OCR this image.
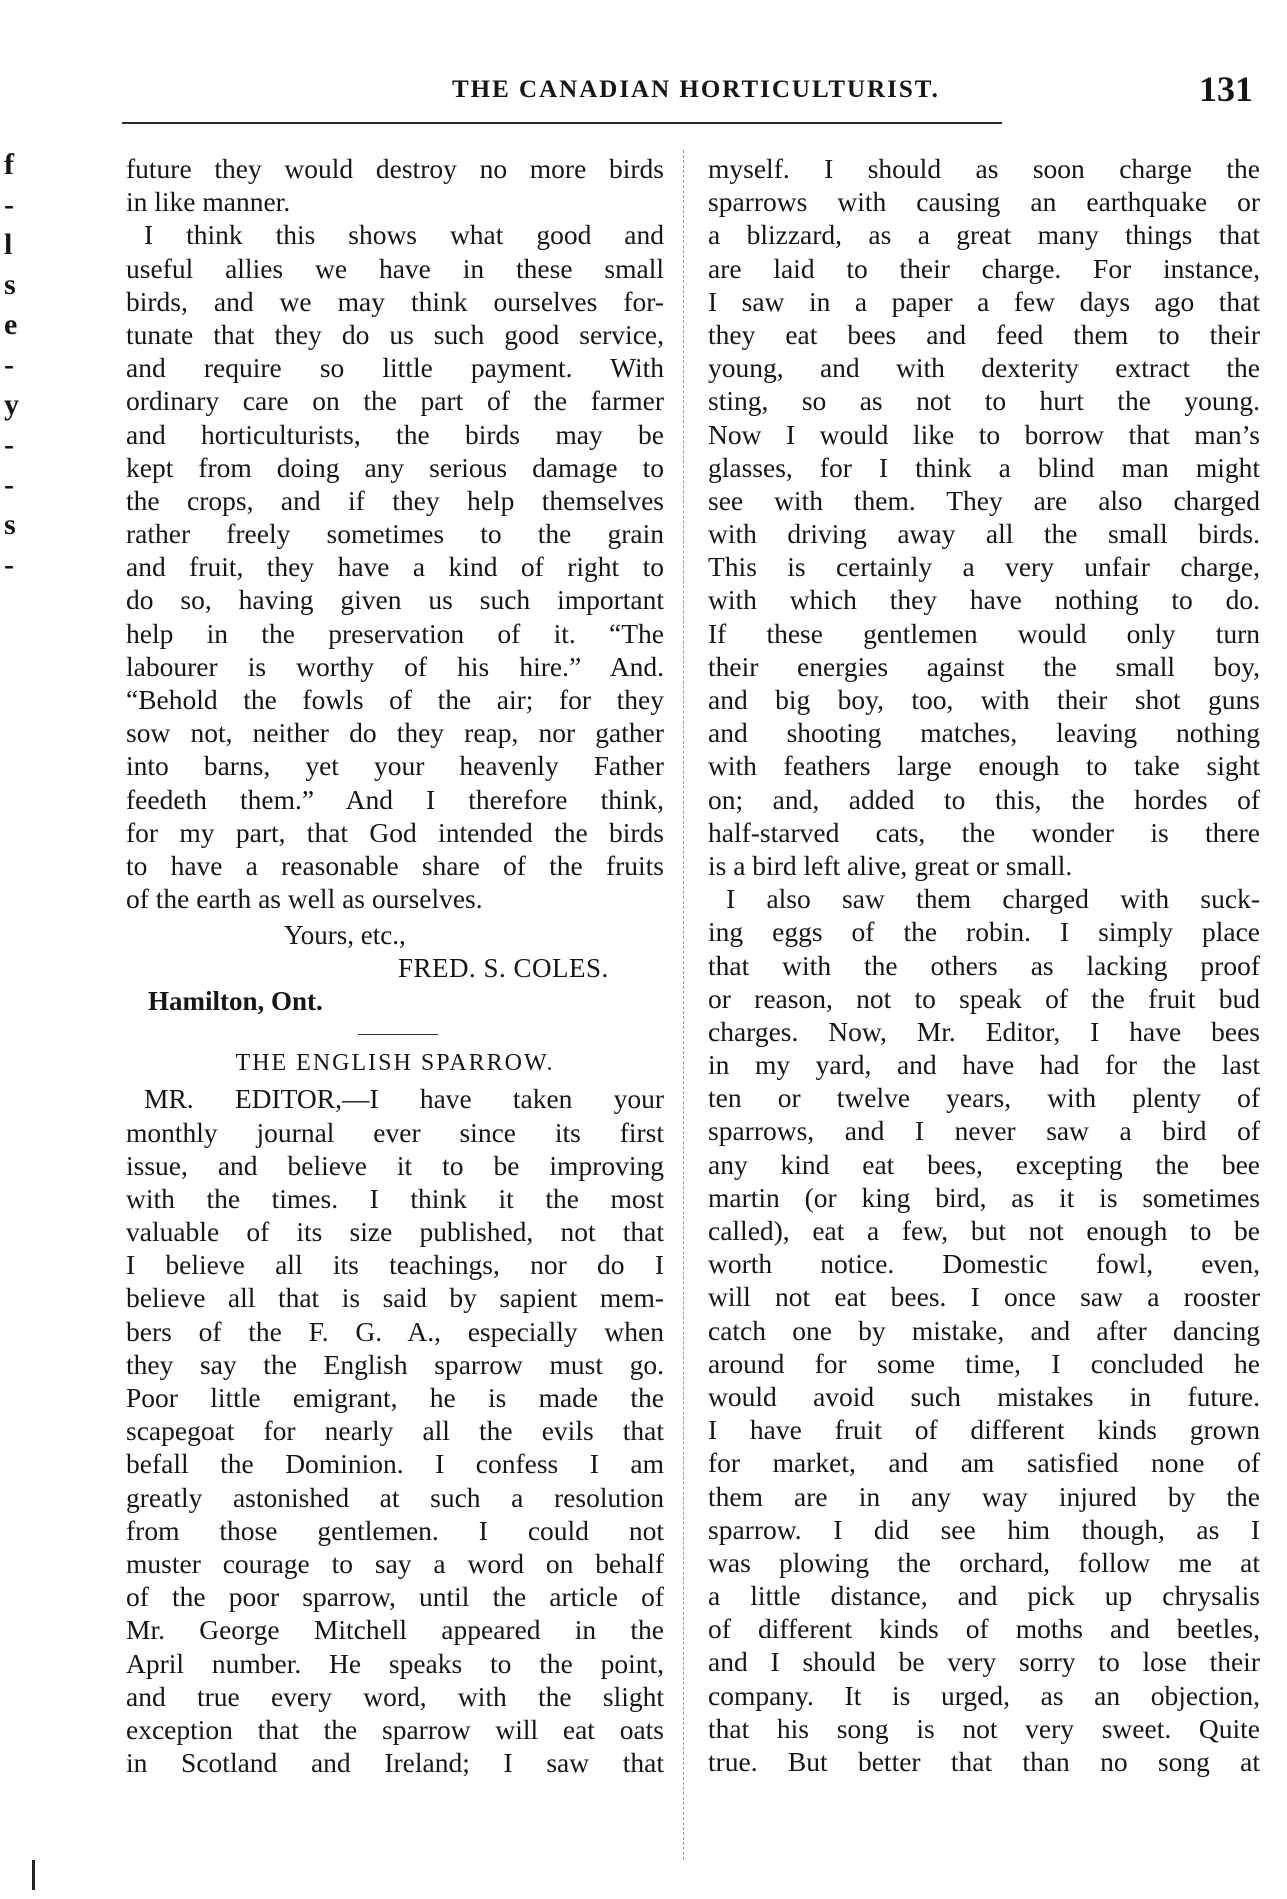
f
-
l
s
e
-
y
-
-
s
-
THE CANADIAN HORTICULTURIST.	131
future they would destroy no more birds
in like manner.
I think this shows what good and
useful allies we have in these small
birds, and we may think ourselves for-
tunate that they do us such good service,
and require so little payment. With
ordinary care on the part of the farmer
and horticulturists, the birds may be
kept from doing any serious damage to
the crops, and if they help themselves
rather freely sometimes to the grain
and fruit, they have a kind of right to
do so, having given us such important
help in the preservation of it. “The
labourer is worthy of his hire.” And.
“Behold the fowls of the air; for they
sow not, neither do they reap, nor gather
into barns, yet your heavenly Father
feedeth them.” And I therefore think,
for my part, that God intended the birds
to have a reasonable share of the fruits
of the earth as well as ourselves.
Yours, etc.,
FRED. S. COLES.
Hamilton, Ont.
THE ENGLISH SPARROW.
MR. EDITOR,—I have taken your
monthly journal ever since its first
issue, and believe it to be improving
with the times. I think it the most
valuable of its size published, not that
I believe all its teachings, nor do I
believe all that is said by sapient mem-
bers of the F. G. A., especially when
they say the English sparrow must go.
Poor little emigrant, he is made the
scapegoat for nearly all the evils that
befall the Dominion. I confess I am
greatly astonished at such a resolution
from those gentlemen. I could not
muster courage to say a word on behalf
of the poor sparrow, until the article of
Mr. George Mitchell appeared in the
April number. He speaks to the point,
and true every word, with the slight
exception that the sparrow will eat oats
in Scotland and Ireland; I saw that
myself. I should as soon charge the
sparrows with causing an earthquake or
a blizzard, as a great many things that
are laid to their charge. For instance,
I saw in a paper a few days ago that
they eat bees and feed them to their
young, and with dexterity extract the
sting, so as not to hurt the young.
Now I would like to borrow that man’s
glasses, for I think a blind man might
see with them. They are also charged
with driving away all the small birds.
This is certainly a very unfair charge,
with which they have nothing to do.
If these gentlemen would only turn
their energies against the small boy,
and big boy, too, with their shot guns
and shooting matches, leaving nothing
with feathers large enough to take sight
on; and, added to this, the hordes of
half-starved cats, the wonder is there
is a bird left alive, great or small.
I also saw them charged with suck-
ing eggs of the robin. I simply place
that with the others as lacking proof
or reason, not to speak of the fruit bud
charges. Now, Mr. Editor, I have bees
in my yard, and have had for the last
ten or twelve years, with plenty of
sparrows, and I never saw a bird of
any kind eat bees, excepting the bee
martin (or king bird, as it is sometimes
called), eat a few, but not enough to be
worth notice. Domestic fowl, even,
will not eat bees. I once saw a rooster
catch one by mistake, and after dancing
around for some time, I concluded he
would avoid such mistakes in future.
I have fruit of different kinds grown
for market, and am satisfied none of
them are in any way injured by the
sparrow. I did see him though, as I
was plowing the orchard, follow me at
a little distance, and pick up chrysalis
of different kinds of moths and beetles,
and I should be very sorry to lose their
company. It is urged, as an objection,
that his song is not very sweet. Quite
true. But better that than no song at
